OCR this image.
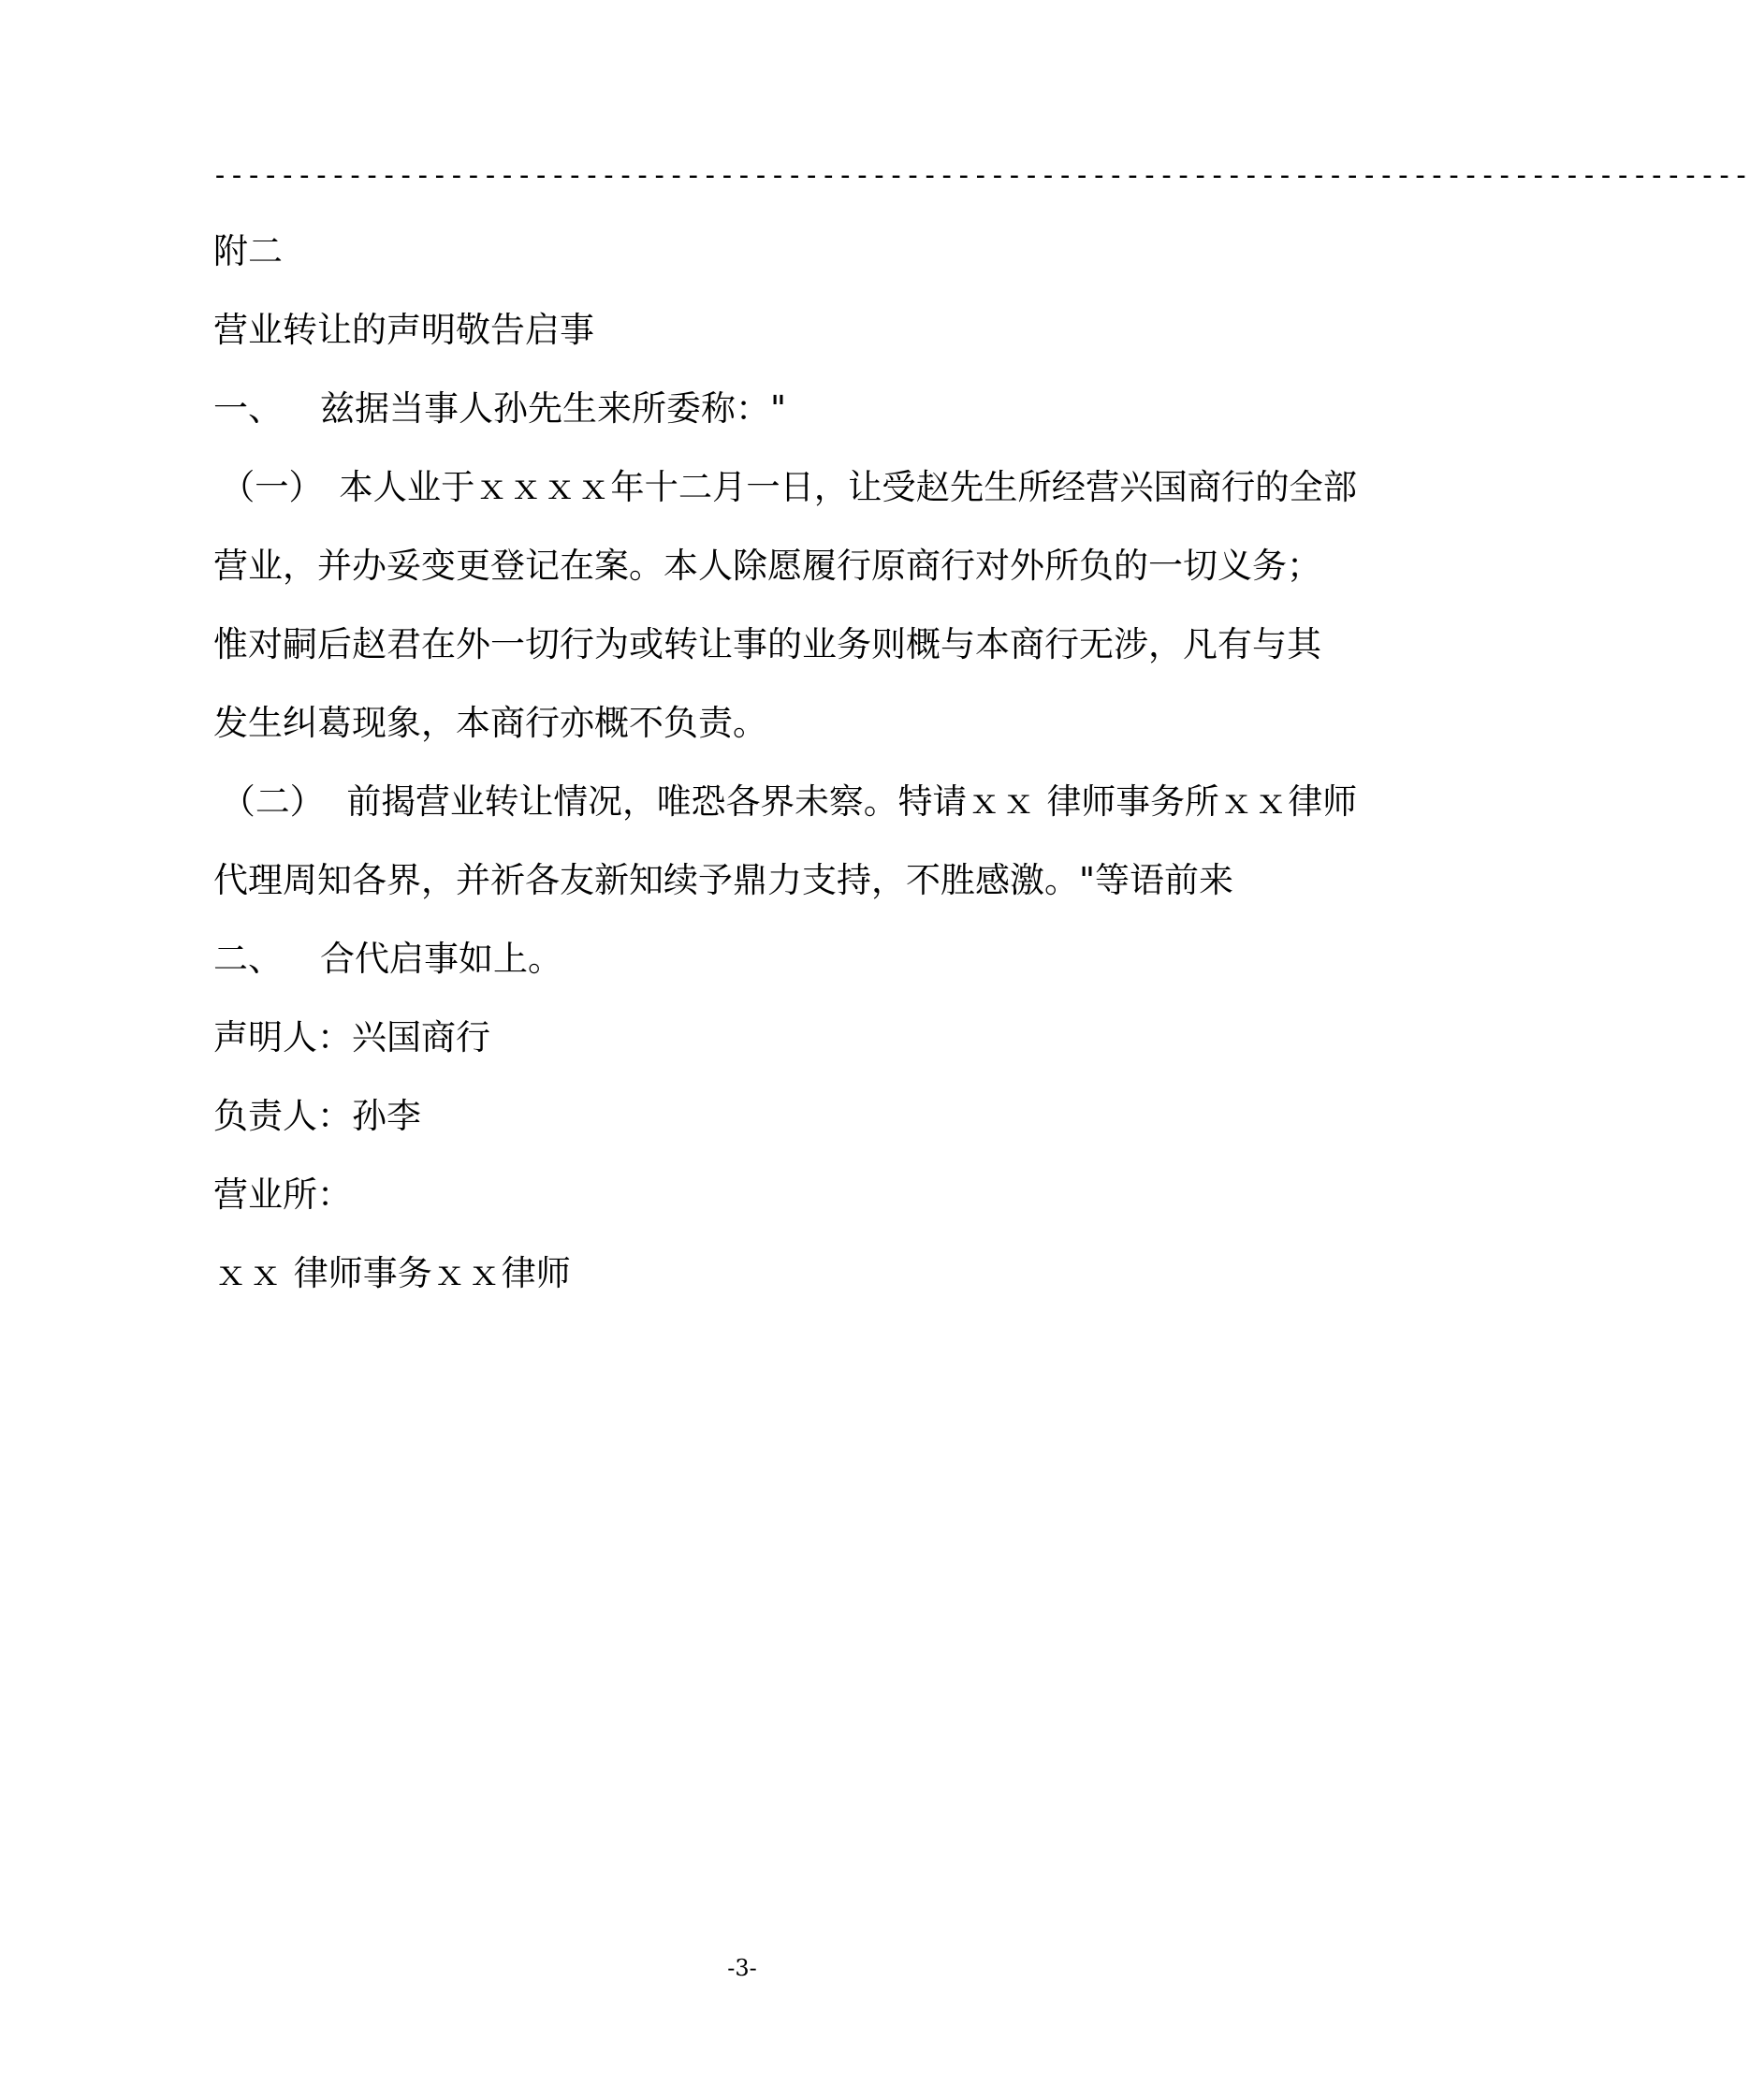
-------------------------------------------------------------------------------------------
附二
营业转让的声明敬告启事
一、 兹据当事人孙先生来所委称："
（一） 本人业于ｘｘｘｘ年十二月一日，让受赵先生所经营兴国商行的全部
营业，并办妥变更登记在案。本人除愿履行原商行对外所负的一切义务；
惟对嗣后赵君在外一切行为或转让事的业务则概与本商行无涉，凡有与其
发生纠葛现象，本商行亦概不负责。
（二） 前揭营业转让情况，唯恐各界未察。特请ｘｘ 律师事务所ｘｘ律师
代理周知各界，并祈各友新知续予鼎力支持，不胜感激。"等语前来
二、 合代启事如上。
声明人：兴国商行
负责人：孙李
营业所：
ｘｘ 律师事务ｘｘ律师
-3-
